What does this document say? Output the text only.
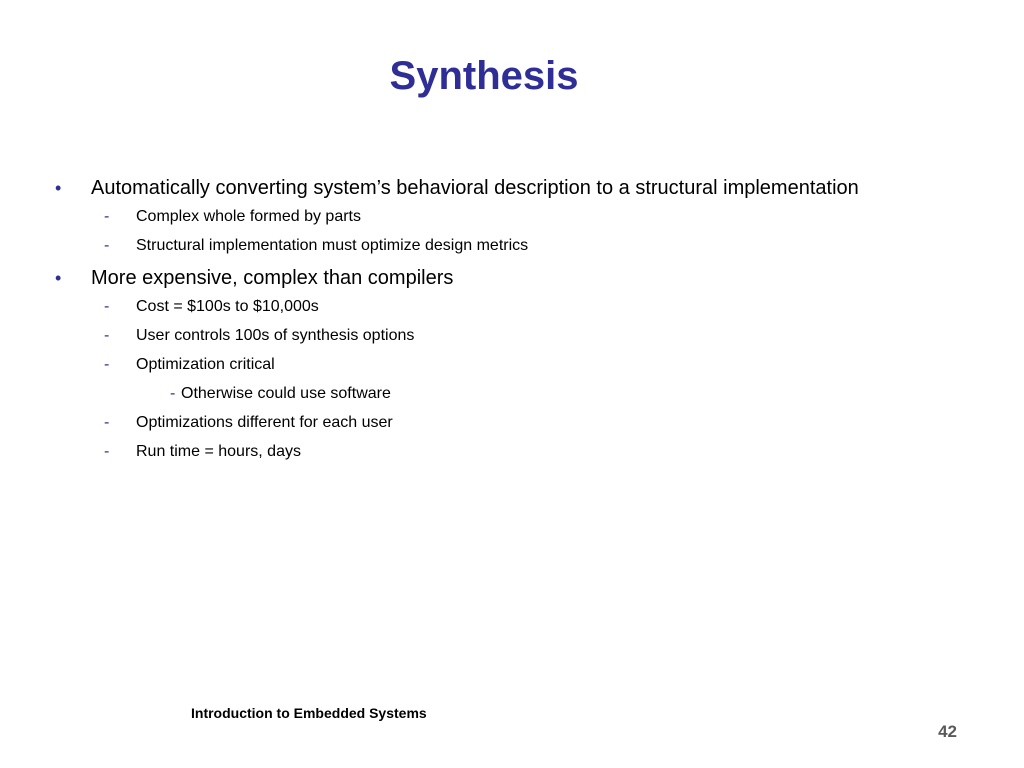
Synthesis
• Automatically converting system’s behavioral description to a structural implementation
- Complex whole formed by parts
- Structural implementation must optimize design metrics
• More expensive, complex than compilers
- Cost = $100s to $10,000s
- User controls 100s of synthesis options
- Optimization critical
- Otherwise could use software
- Optimizations different for each user
- Run time = hours, days
Introduction to Embedded Systems
42
